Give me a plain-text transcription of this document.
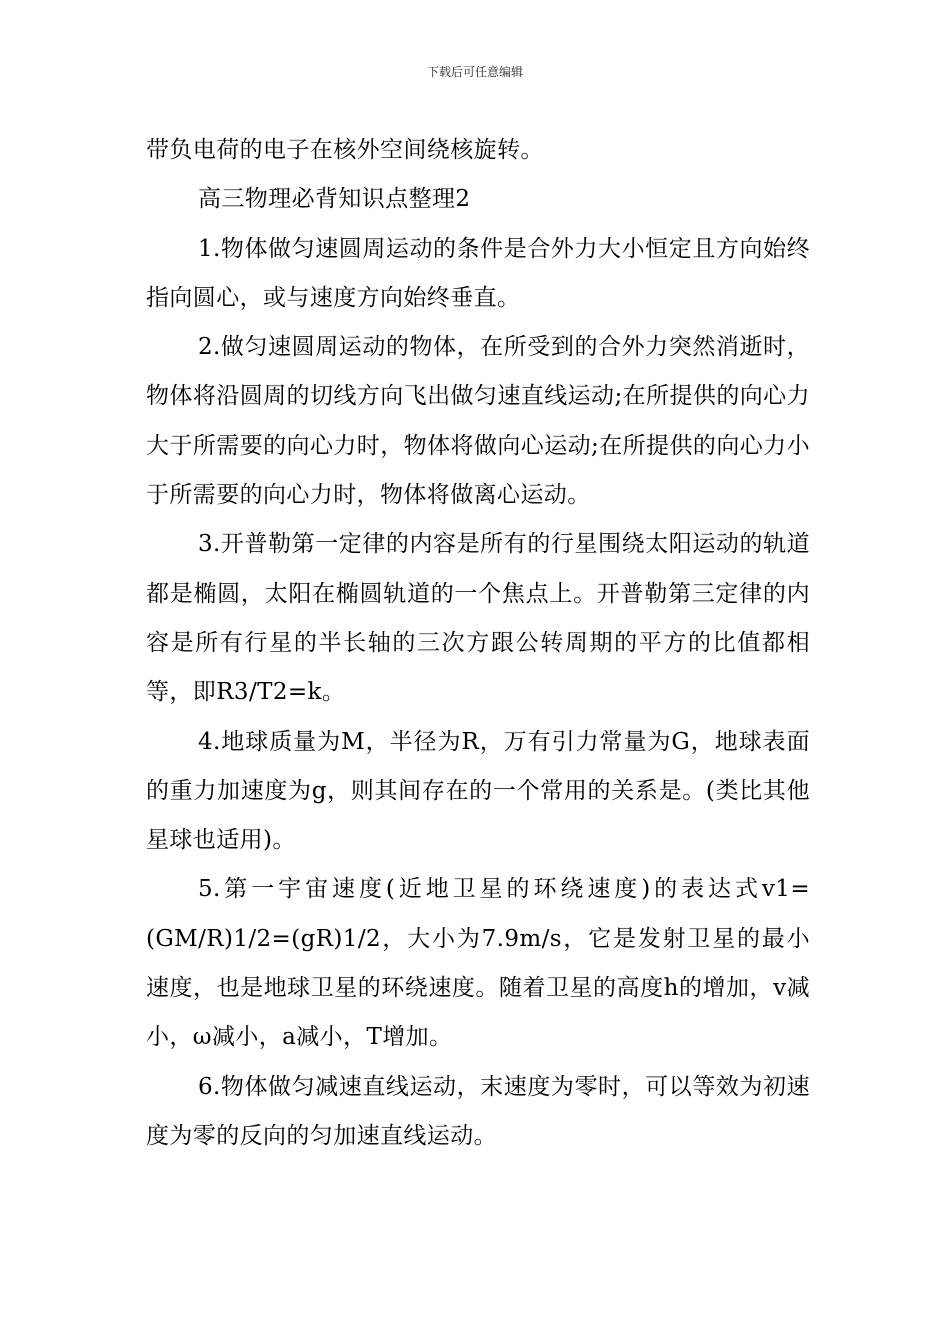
下载后可任意编辑

带负电荷的电子在核外空间绕核旋转。

高三物理必背知识点整理2

1.物体做匀速圆周运动的条件是合外力大小恒定且方向始终指向圆心，或与速度方向始终垂直。

2.做匀速圆周运动的物体，在所受到的合外力突然消逝时，物体将沿圆周的切线方向飞出做匀速直线运动;在所提供的向心力大于所需要的向心力时，物体将做向心运动;在所提供的向心力小于所需要的向心力时，物体将做离心运动。

3.开普勒第一定律的内容是所有的行星围绕太阳运动的轨道都是椭圆，太阳在椭圆轨道的一个焦点上。开普勒第三定律的内容是所有行星的半长轴的三次方跟公转周期的平方的比值都相等，即R3/T2=k。

4.地球质量为M，半径为R，万有引力常量为G，地球表面的重力加速度为g，则其间存在的一个常用的关系是。(类比其他星球也适用)。

5.第一宇宙速度(近地卫星的环绕速度)的表达式v1=(GM/R)1/2=(gR)1/2，大小为7.9m/s，它是发射卫星的最小速度，也是地球卫星的环绕速度。随着卫星的高度h的增加，v减小，ω减小，a减小，T增加。

6.物体做匀减速直线运动，末速度为零时，可以等效为初速度为零的反向的匀加速直线运动。
